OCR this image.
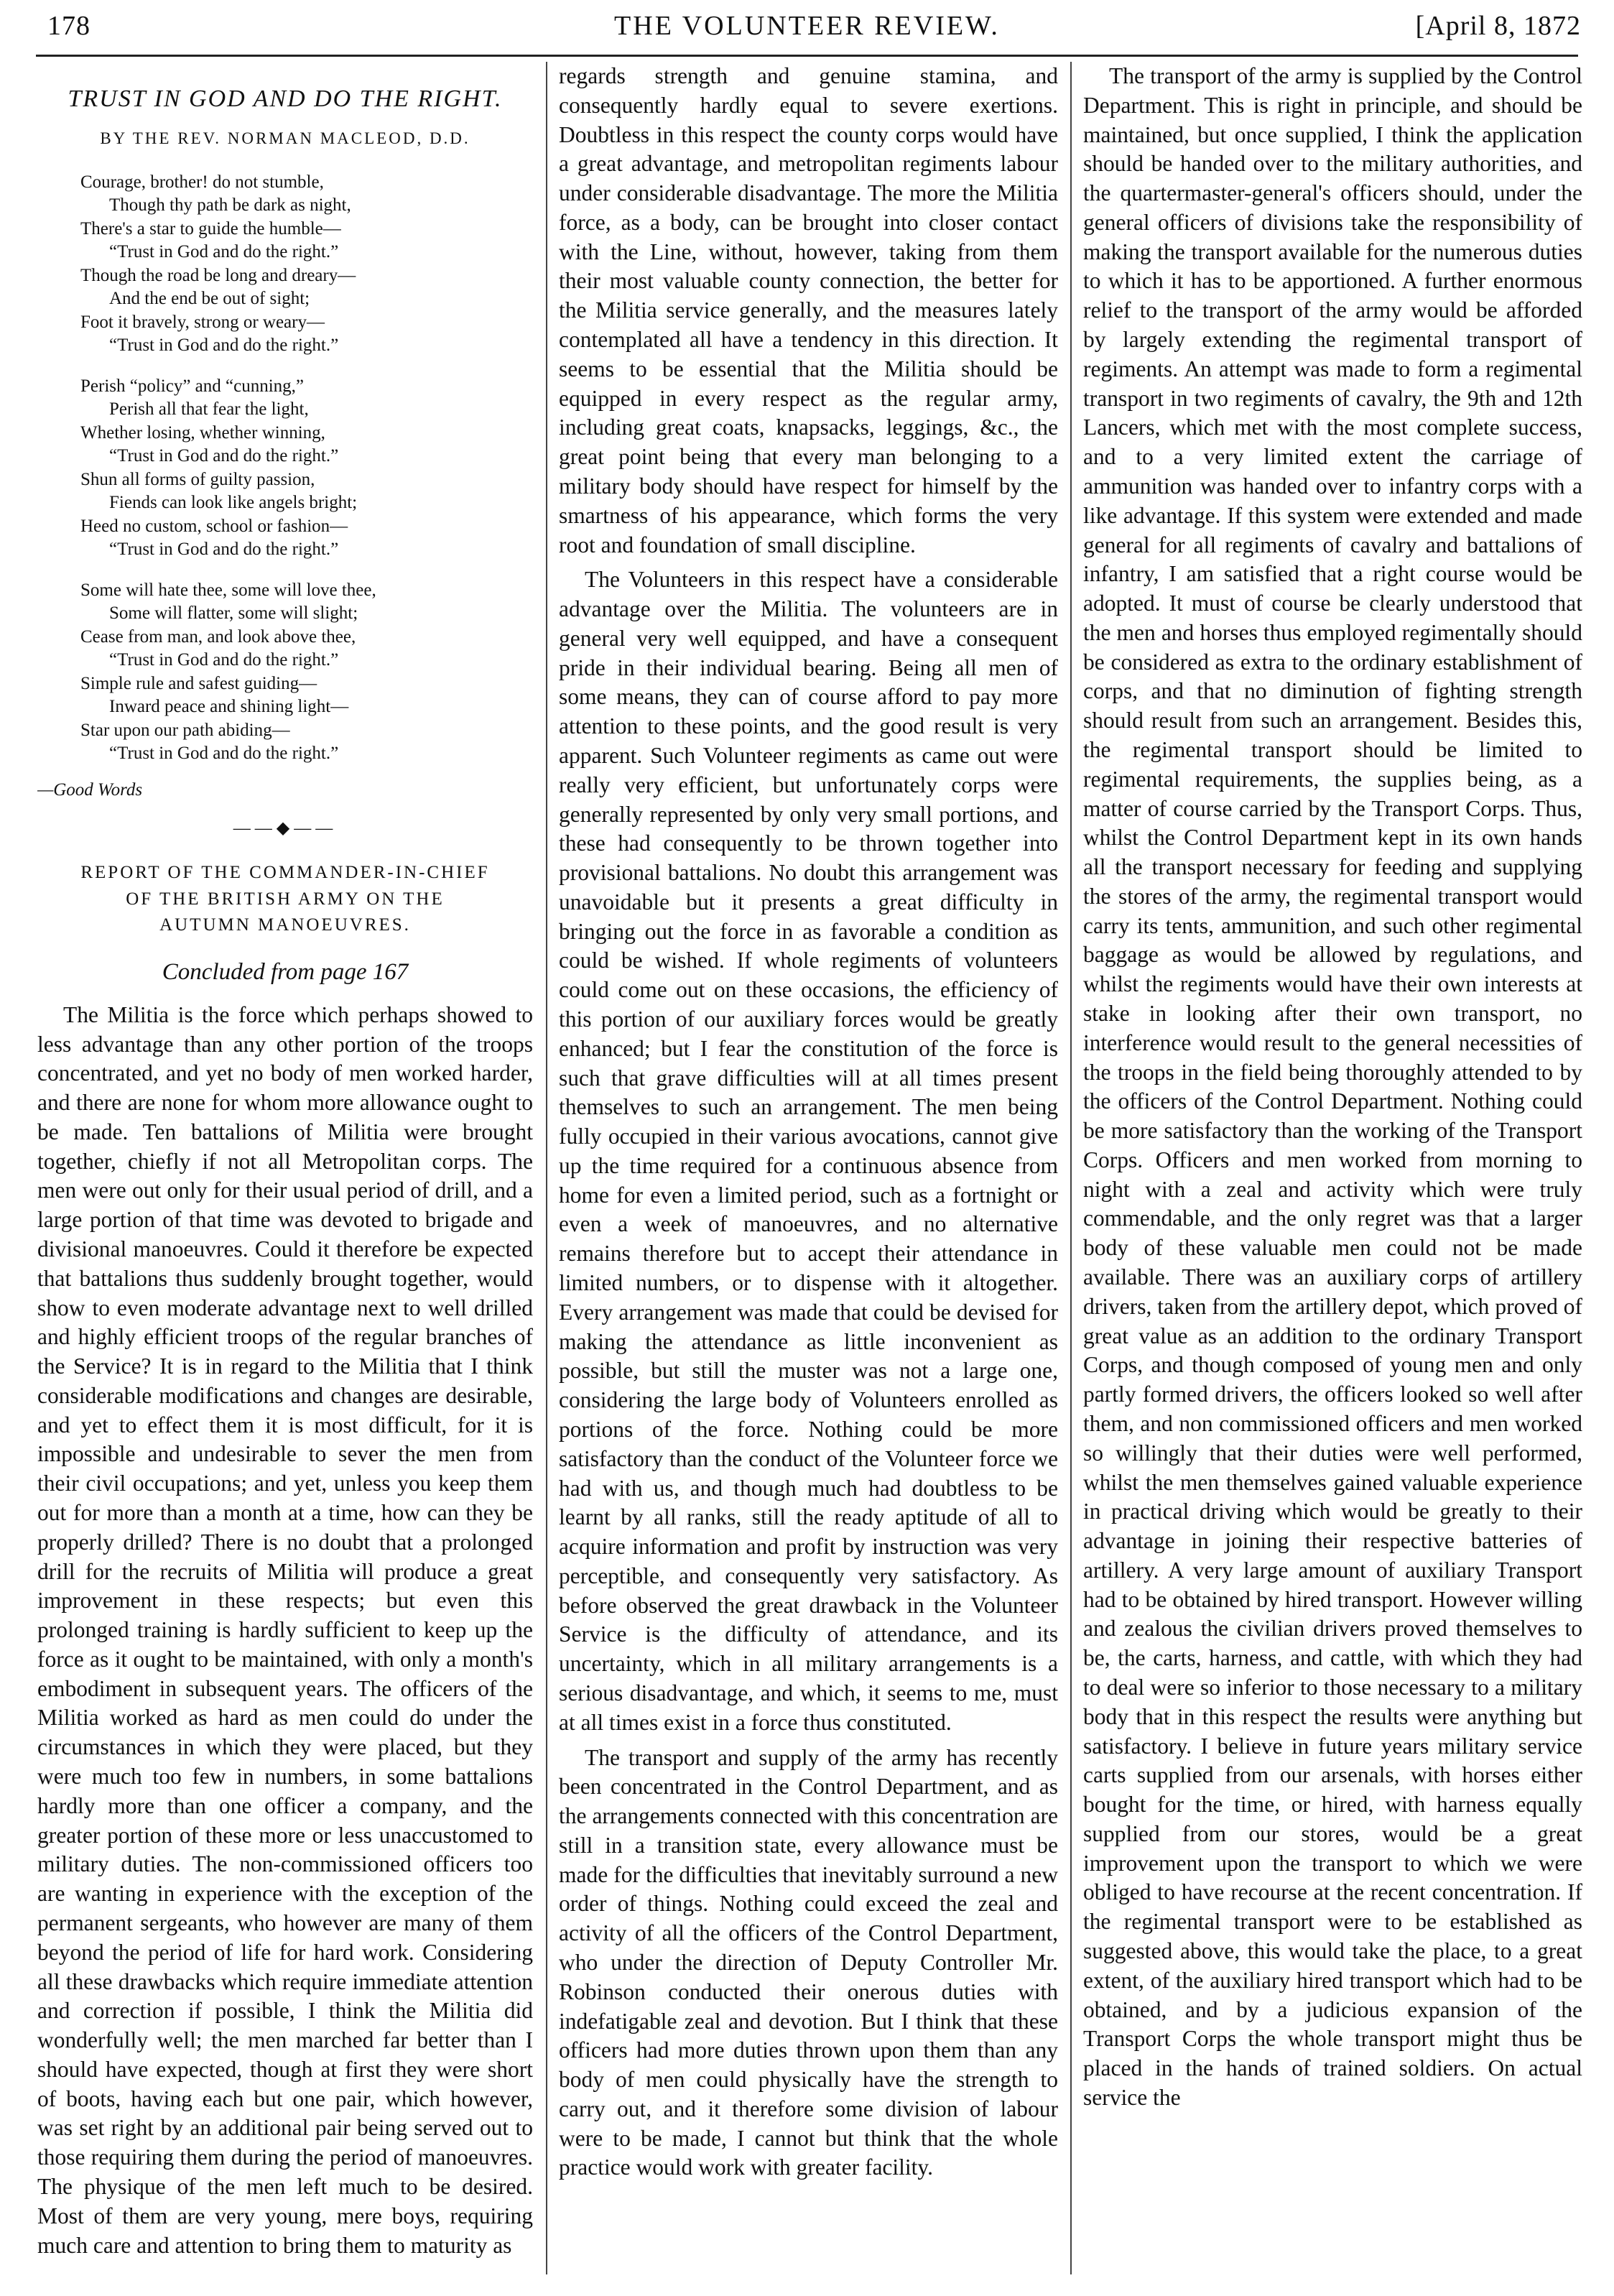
178	THE VOLUNTEER REVIEW.	[April 8, 1872
TRUST IN GOD AND DO THE RIGHT.
BY THE REV. NORMAN MACLEOD, D.D.
Courage, brother! do not stumble,
Though thy path be dark as night,
There's a star to guide the humble—
“Trust in God and do the right.”
Though the road be long and dreary—
And the end be out of sight;
Foot it bravely, strong or weary—
“Trust in God and do the right.”
Perish “policy” and “cunning,”
Perish all that fear the light,
Whether losing, whether winning,
“Trust in God and do the right.”
Shun all forms of guilty passion,
Fiends can look like angels bright;
Heed no custom, school or fashion—
“Trust in God and do the right.”
Some will hate thee, some will love thee,
Some will flatter, some will slight;
Cease from man, and look above thee,
“Trust in God and do the right.”
Simple rule and safest guiding—
Inward peace and shining light—
Star upon our path abiding—
“Trust in God and do the right.”
—Good Words
——◆——
REPORT OF THE COMMANDER-IN-CHIEF
OF THE BRITISH ARMY ON THE
AUTUMN MANOEUVRES.
Concluded from page 167

The Militia is the force which perhaps showed to less advantage than any other portion of the troops concentrated, and yet no body of men worked harder, and there are none for whom more allowance ought to be made. Ten battalions of Militia were brought together, chiefly if not all Metropolitan corps. The men were out only for their usual period of drill, and a large portion of that time was devoted to brigade and divisional manoeuvres. Could it therefore be expected that battalions thus suddenly brought together, would show to even moderate advantage next to well drilled and highly efficient troops of the regular branches of the Service? It is in regard to the Militia that I think considerable modifications and changes are desirable, and yet to effect them it is most difficult, for it is impossible and undesirable to sever the men from their civil occupations; and yet, unless you keep them out for more than a month at a time, how can they be properly drilled? There is no doubt that a prolonged drill for the recruits of Militia will produce a great improvement in these respects; but even this prolonged training is hardly sufficient to keep up the force as it ought to be maintained, with only a month's embodiment in subsequent years. The officers of the Militia worked as hard as men could do under the circumstances in which they were placed, but they were much too few in numbers, in some battalions hardly more than one officer a company, and the greater portion of these more or less unaccustomed to military duties. The non-commissioned officers too are wanting in experience with the exception of the permanent sergeants, who however are many of them beyond the period of life for hard work. Considering all these drawbacks which require immediate attention and correction if possible, I think the Militia did wonderfully well; the men marched far better than I should have expected, though at first they were short of boots, having each but one pair, which however, was set right by an additional pair being served out to those requiring them during the period of manoeuvres. The physique of the men left much to be desired. Most of them are very young, mere boys, requiring much care and attention to bring them to maturity as

regards strength and genuine stamina, and consequently hardly equal to severe exertions. Doubtless in this respect the county corps would have a great advantage, and metropolitan regiments labour under considerable disadvantage. The more the Militia force, as a body, can be brought into closer contact with the Line, without, however, taking from them their most valuable county connection, the better for the Militia service generally, and the measures lately contemplated all have a tendency in this direction. It seems to be essential that the Militia should be equipped in every respect as the regular army, including great coats, knapsacks, leggings, &c., the great point being that every man belonging to a military body should have respect for himself by the smartness of his appearance, which forms the very root and foundation of small discipline.

The Volunteers in this respect have a considerable advantage over the Militia. The volunteers are in general very well equipped, and have a consequent pride in their individual bearing. Being all men of some means, they can of course afford to pay more attention to these points, and the good result is very apparent. Such Volunteer regiments as came out were really very efficient, but unfortunately corps were generally represented by only very small portions, and these had consequently to be thrown together into provisional battalions. No doubt this arrangement was unavoidable but it presents a great difficulty in bringing out the force in as favorable a condition as could be wished. If whole regiments of volunteers could come out on these occasions, the efficiency of this portion of our auxiliary forces would be greatly enhanced; but I fear the constitution of the force is such that grave difficulties will at all times present themselves to such an arrangement. The men being fully occupied in their various avocations, cannot give up the time required for a continuous absence from home for even a limited period, such as a fortnight or even a week of manoeuvres, and no alternative remains therefore but to accept their attendance in limited numbers, or to dispense with it altogether. Every arrangement was made that could be devised for making the attendance as little inconvenient as possible, but still the muster was not a large one, considering the large body of Volunteers enrolled as portions of the force. Nothing could be more satisfactory than the conduct of the Volunteer force we had with us, and though much had doubtless to be learnt by all ranks, still the ready aptitude of all to acquire information and profit by instruction was very perceptible, and consequently very satisfactory. As before observed the great drawback in the Volunteer Service is the difficulty of attendance, and its uncertainty, which in all military arrangements is a serious disadvantage, and which, it seems to me, must at all times exist in a force thus constituted.

The transport and supply of the army has recently been concentrated in the Control Department, and as the arrangements connected with this concentration are still in a transition state, every allowance must be made for the difficulties that inevitably surround a new order of things. Nothing could exceed the zeal and activity of all the officers of the Control Department, who under the direction of Deputy Controller Mr. Robinson conducted their onerous duties with indefatigable zeal and devotion. But I think that these officers had more duties thrown upon them than any body of men could physically have the strength to carry out, and it therefore some division of labour were to be made, I cannot but think that the whole practice would work with greater facility.

The transport of the army is supplied by the Control Department. This is right in principle, and should be maintained, but once supplied, I think the application should be handed over to the military authorities, and the quartermaster-general's officers should, under the general officers of divisions take the responsibility of making the transport available for the numerous duties to which it has to be apportioned. A further enormous relief to the transport of the army would be afforded by largely extending the regimental transport of regiments. An attempt was made to form a regimental transport in two regiments of cavalry, the 9th and 12th Lancers, which met with the most complete success, and to a very limited extent the carriage of ammunition was handed over to infantry corps with a like advantage. If this system were extended and made general for all regiments of cavalry and battalions of infantry, I am satisfied that a right course would be adopted. It must of course be clearly understood that the men and horses thus employed regimentally should be considered as extra to the ordinary establishment of corps, and that no diminution of fighting strength should result from such an arrangement. Besides this, the regimental transport should be limited to regimental requirements, the supplies being, as a matter of course carried by the Transport Corps. Thus, whilst the Control Department kept in its own hands all the transport necessary for feeding and supplying the stores of the army, the regimental transport would carry its tents, ammunition, and such other regimental baggage as would be allowed by regulations, and whilst the regiments would have their own interests at stake in looking after their own transport, no interference would result to the general necessities of the troops in the field being thoroughly attended to by the officers of the Control Department. Nothing could be more satisfactory than the working of the Transport Corps. Officers and men worked from morning to night with a zeal and activity which were truly commendable, and the only regret was that a larger body of these valuable men could not be made available. There was an auxiliary corps of artillery drivers, taken from the artillery depot, which proved of great value as an addition to the ordinary Transport Corps, and though composed of young men and only partly formed drivers, the officers looked so well after them, and non commissioned officers and men worked so willingly that their duties were well performed, whilst the men themselves gained valuable experience in practical driving which would be greatly to their advantage in joining their respective batteries of artillery. A very large amount of auxiliary Transport had to be obtained by hired transport. However willing and zealous the civilian drivers proved themselves to be, the carts, harness, and cattle, with which they had to deal were so inferior to those necessary to a military body that in this respect the results were anything but satisfactory. I believe in future years military service carts supplied from our arsenals, with horses either bought for the time, or hired, with harness equally supplied from our stores, would be a great improvement upon the transport to which we were obliged to have recourse at the recent concentration. If the regimental transport were to be established as suggested above, this would take the place, to a great extent, of the auxiliary hired transport which had to be obtained, and by a judicious expansion of the Transport Corps the whole transport might thus be placed in the hands of trained soldiers. On actual service the
